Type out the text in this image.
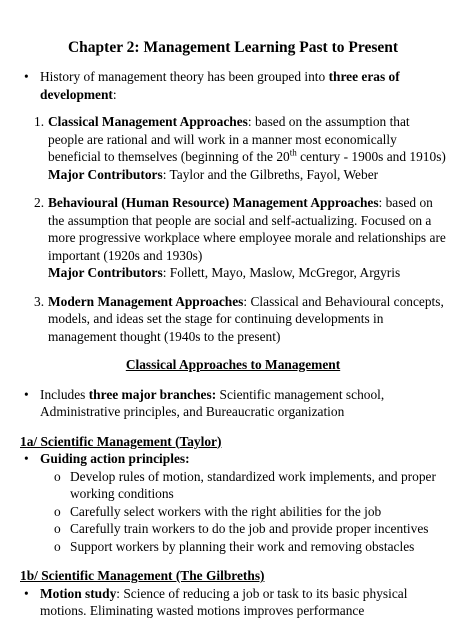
Chapter 2: Management Learning Past to Present
• History of management theory has been grouped into three eras of development:
1. Classical Management Approaches: based on the assumption that people are rational and will work in a manner most economically beneficial to themselves (beginning of the 20th century - 1900s and 1910s)
Major Contributors: Taylor and the Gilbreths, Fayol, Weber
2. Behavioural (Human Resource) Management Approaches: based on the assumption that people are social and self-actualizing. Focused on a more progressive workplace where employee morale and relationships are important (1920s and 1930s)
Major Contributors: Follett, Mayo, Maslow, McGregor, Argyris
3. Modern Management Approaches: Classical and Behavioural concepts, models, and ideas set the stage for continuing developments in management thought (1940s to the present)
Classical Approaches to Management
• Includes three major branches: Scientific management school, Administrative principles, and Bureaucratic organization
1a/ Scientific Management (Taylor)
• Guiding action principles:
o Develop rules of motion, standardized work implements, and proper working conditions
o Carefully select workers with the right abilities for the job
o Carefully train workers to do the job and provide proper incentives
o Support workers by planning their work and removing obstacles
1b/ Scientific Management (The Gilbreths)
• Motion study: Science of reducing a job or task to its basic physical motions. Eliminating wasted motions improves performance
